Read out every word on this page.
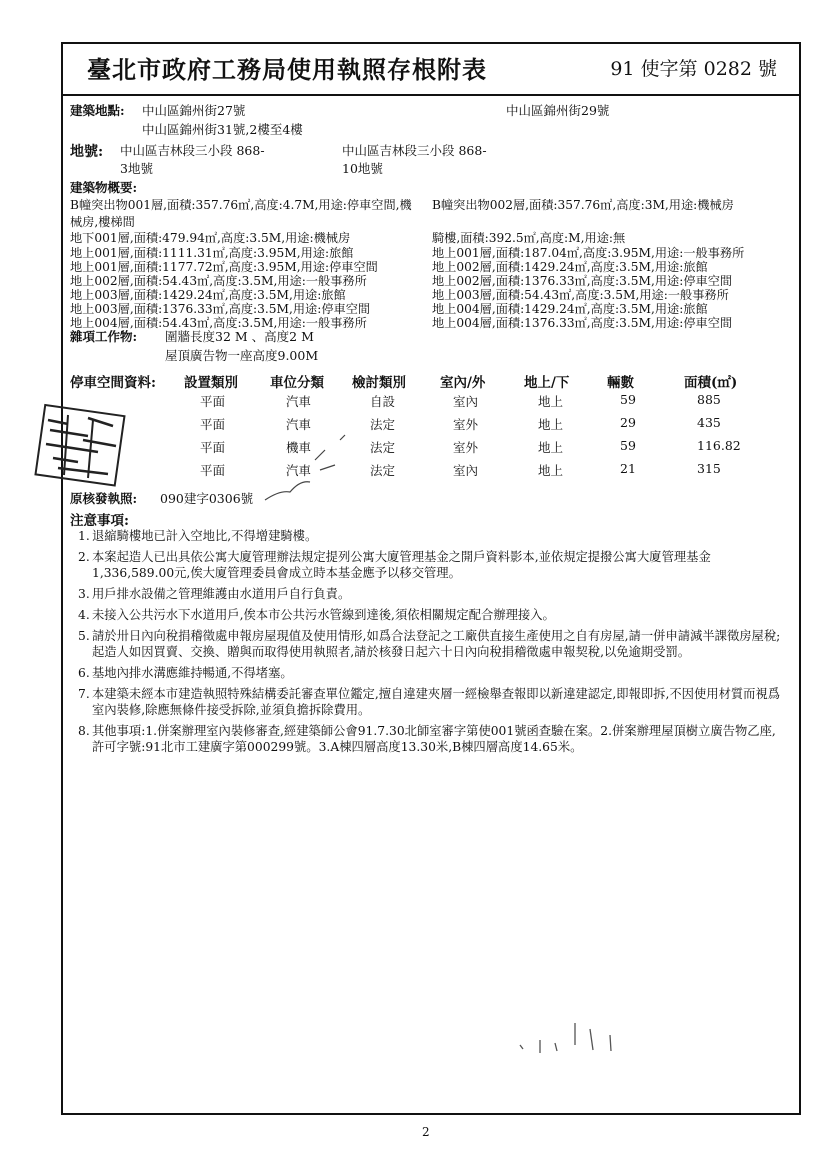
臺北市政府工務局使用執照存根附表	91 使字第 0282 號
建築地點: 中山區錦州街27號	中山區錦州街29號
中山區錦州街31號,2樓至4樓
地號: 中山區吉林段三小段 868-
3地號
中山區吉林段三小段 868-
10地號
建築物概要:
B幢突出物001層,面積:357.76㎡,高度:4.7M,用途:停車空間,機
械房,樓梯間
地下001層,面積:479.94㎡,高度:3.5M,用途:機械房
地上001層,面積:1111.31㎡,高度:3.95M,用途:旅館
地上001層,面積:1177.72㎡,高度:3.95M,用途:停車空間
地上002層,面積:54.43㎡,高度:3.5M,用途:一般事務所
地上003層,面積:1429.24㎡,高度:3.5M,用途:旅館
地上003層,面積:1376.33㎡,高度:3.5M,用途:停車空間
地上004層,面積:54.43㎡,高度:3.5M,用途:一般事務所
B幢突出物002層,面積:357.76㎡,高度:3M,用途:機械房
騎樓,面積:392.5㎡,高度:M,用途:無
地上001層,面積:187.04㎡,高度:3.95M,用途:一般事務所
地上002層,面積:1429.24㎡,高度:3.5M,用途:旅館
地上002層,面積:1376.33㎡,高度:3.5M,用途:停車空間
地上003層,面積:54.43㎡,高度:3.5M,用途:一般事務所
地上004層,面積:1429.24㎡,高度:3.5M,用途:旅館
地上004層,面積:1376.33㎡,高度:3.5M,用途:停車空間
雜項工作物: 圍牆長度32 M 、高度2 M
屋頂廣告物一座高度9.00M
停車空間資料: 設置類別 車位分類 檢討類別	室內/外	地上/下	輛數	面積(㎡)
平面	汽車	自設	室內	地上	59	885
平面	汽車	法定	室外	地上	29	435
平面	機車	法定	室外	地上	59	116.82
平面	汽車	法定	室內	地上	21	315
原核發執照: 090建字0306號
注意事項:
1. 退縮騎樓地已計入空地比,不得增建騎樓。
2. 本案起造人已出具依公寓大廈管理辦法規定提列公寓大廈管理基金之開戶資料影本,並依規定提撥公寓大廈管理基金1,336,589.00元,俟大廈管理委員會成立時本基金應予以移交管理。
3. 用戶排水設備之管理維護由水道用戶自行負責。
4. 未接入公共污水下水道用戶,俟本市公共污水管線到達後,須依相關規定配合辦理接入。
5. 請於卅日內向稅捐稽徵處申報房屋現值及使用情形,如爲合法登記之工廠供直接生產使用之自有房屋,請一併申請減半課徵房屋稅;起造人如因買賣、交換、贈與而取得使用執照者,請於核發日起六十日內向稅捐稽徵處申報契稅,以免逾期受罰。
6. 基地內排水溝應維持暢通,不得堵塞。
7. 本建築未經本市建造執照特殊結構委託審查單位鑑定,擅自違建夾層一經檢舉查報即以新違建認定,即報即拆,不因使用材質而視爲室內裝修,除應無條件接受拆除,並須負擔拆除費用。
8. 其他事項:1.併案辦理室內裝修審查,經建築師公會91.7.30北師室審字第使001號函查驗在案。2.併案辦理屋頂樹立廣告物乙座,許可字號:91北市工建廣字第000299號。3.A棟四層高度13.30米,B棟四層高度14.65米。
2
